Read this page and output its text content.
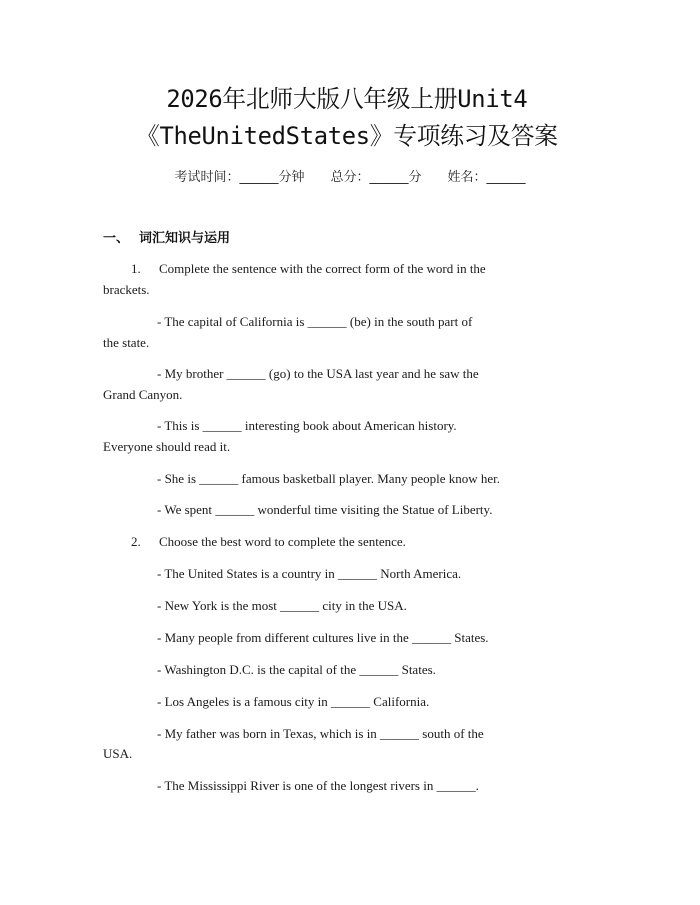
2026年北师大版八年级上册Unit4
《TheUnitedStates》专项练习及答案
考试时间：______分钟 总分：______分 姓名：______
一、 词汇知识与运用
1. Complete the sentence with the correct form of the word in the
brackets.
- The capital of California is ______ (be) in the south part of
the state.
- My brother ______ (go) to the USA last year and he saw the
Grand Canyon.
- This is ______ interesting book about American history.
Everyone should read it.
- She is ______ famous basketball player. Many people know her.
- We spent ______ wonderful time visiting the Statue of Liberty.
2. Choose the best word to complete the sentence.
- The United States is a country in ______ North America.
- New York is the most ______ city in the USA.
- Many people from different cultures live in the ______ States.
- Washington D.C. is the capital of the ______ States.
- Los Angeles is a famous city in ______ California.
- My father was born in Texas, which is in ______ south of the
USA.
- The Mississippi River is one of the longest rivers in ______.
